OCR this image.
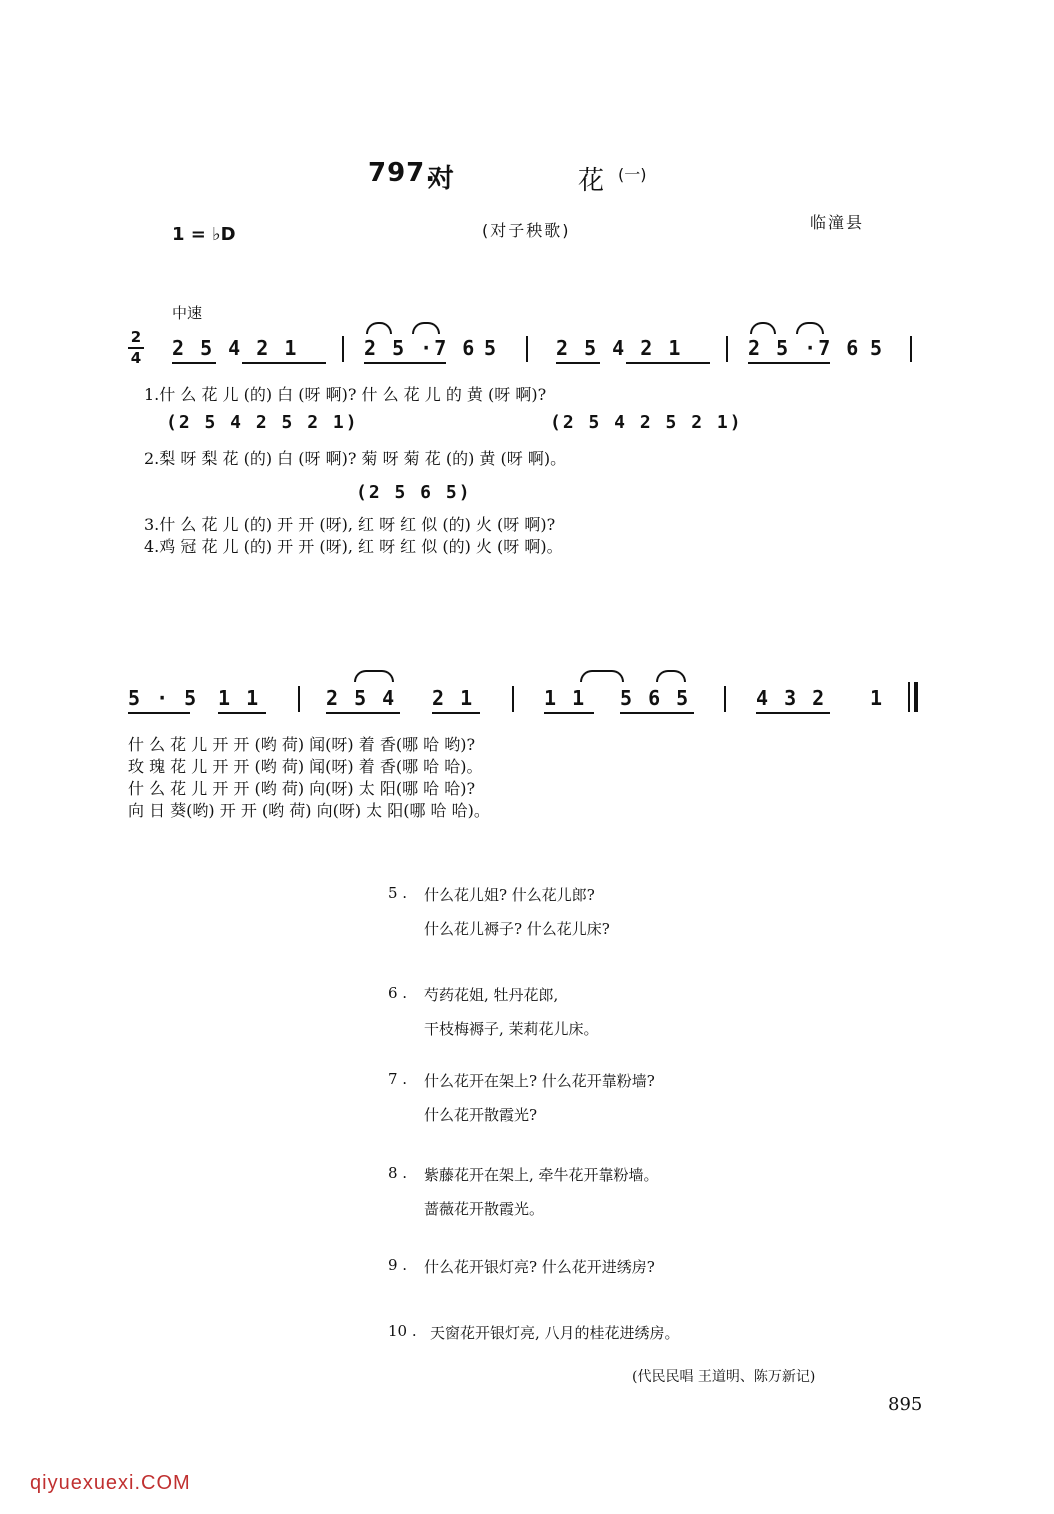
797.
对	花 (一)
1 = ♭D	(对子秧歌)	临潼县
中速
2
4 2 5 4 2 1	2 5 ·7 6 5	2 5 4 2 1	2 5 ·7 6 5
(2 5 4 2 5 2 1)	(2 5 4 2 5 2 1)
(2 5 6 5)
1.什 么 花 儿 (的) 白 (呀 啊)? 什 么 花 儿 的 黄 (呀 啊)?
2.梨 呀 梨 花 (的) 白 (呀 啊)? 菊 呀 菊 花 (的) 黄 (呀 啊)。
3.什 么 花 儿 (的) 开 开 (呀), 红 呀 红 似 (的) 火 (呀 啊)?
4.鸡 冠 花 儿 (的) 开 开 (呀), 红 呀 红 似 (的) 火 (呀 啊)。
5 · 5 1 1	2 5 4 2 1	1 1 5 6 5	4 3 2 1
什 么 花 儿 开 开 (哟 荷) 闻(呀) 着 香(哪 哈 哟)?
玫 瑰 花 儿 开 开 (哟 荷) 闻(呀) 着 香(哪 哈 哈)。
什 么 花 儿 开 开 (哟 荷) 向(呀) 太 阳(哪 哈 哈)?
向 日 葵(哟) 开 开 (哟 荷) 向(呀) 太 阳(哪 哈 哈)。
5 . 什么花儿姐? 什么花儿郎?
什么花儿褥子? 什么花儿床?
6 . 芍药花姐, 牡丹花郎,
干枝梅褥子, 茉莉花儿床。
7 . 什么花开在架上? 什么花开靠粉墙?
什么花开散霞光?
8 . 紫藤花开在架上, 牵牛花开靠粉墙。
蔷薇花开散霞光。
9 . 什么花开银灯亮? 什么花开进绣房?
10 . 天窗花开银灯亮, 八月的桂花进绣房。
(代民民唱 王道明、陈万新记)
895
qiyuexuexi.COM
